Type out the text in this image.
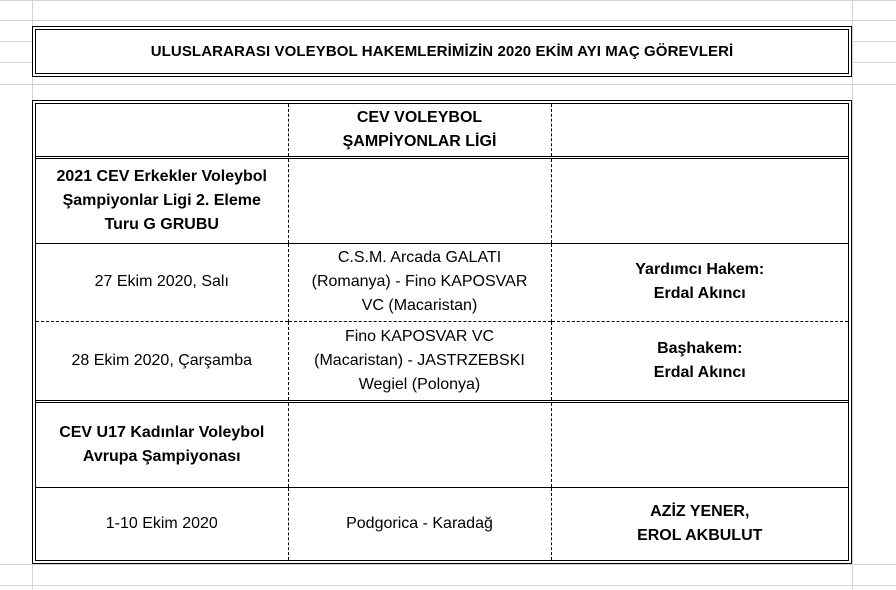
ULUSLARARASI VOLEYBOL HAKEMLERİMİZİN 2020 EKİM AYI MAÇ GÖREVLERİ
	CEV VOLEYBOL
ŞAMPİYONLAR LİGİ	
2021 CEV Erkekler Voleybol
Şampiyonlar Ligi 2. Eleme
Turu G GRUBU		
27 Ekim 2020, Salı	C.S.M. Arcada GALATI
(Romanya) - Fino KAPOSVAR
VC (Macaristan)	Yardımcı Hakem:
Erdal Akıncı
28 Ekim 2020, Çarşamba	Fino KAPOSVAR VC
(Macaristan) - JASTRZEBSKI
Wegiel (Polonya)	Başhakem:
Erdal Akıncı
CEV U17 Kadınlar Voleybol
Avrupa Şampiyonası		
1-10 Ekim 2020	Podgorica - Karadağ	AZİZ YENER,
EROL AKBULUT
